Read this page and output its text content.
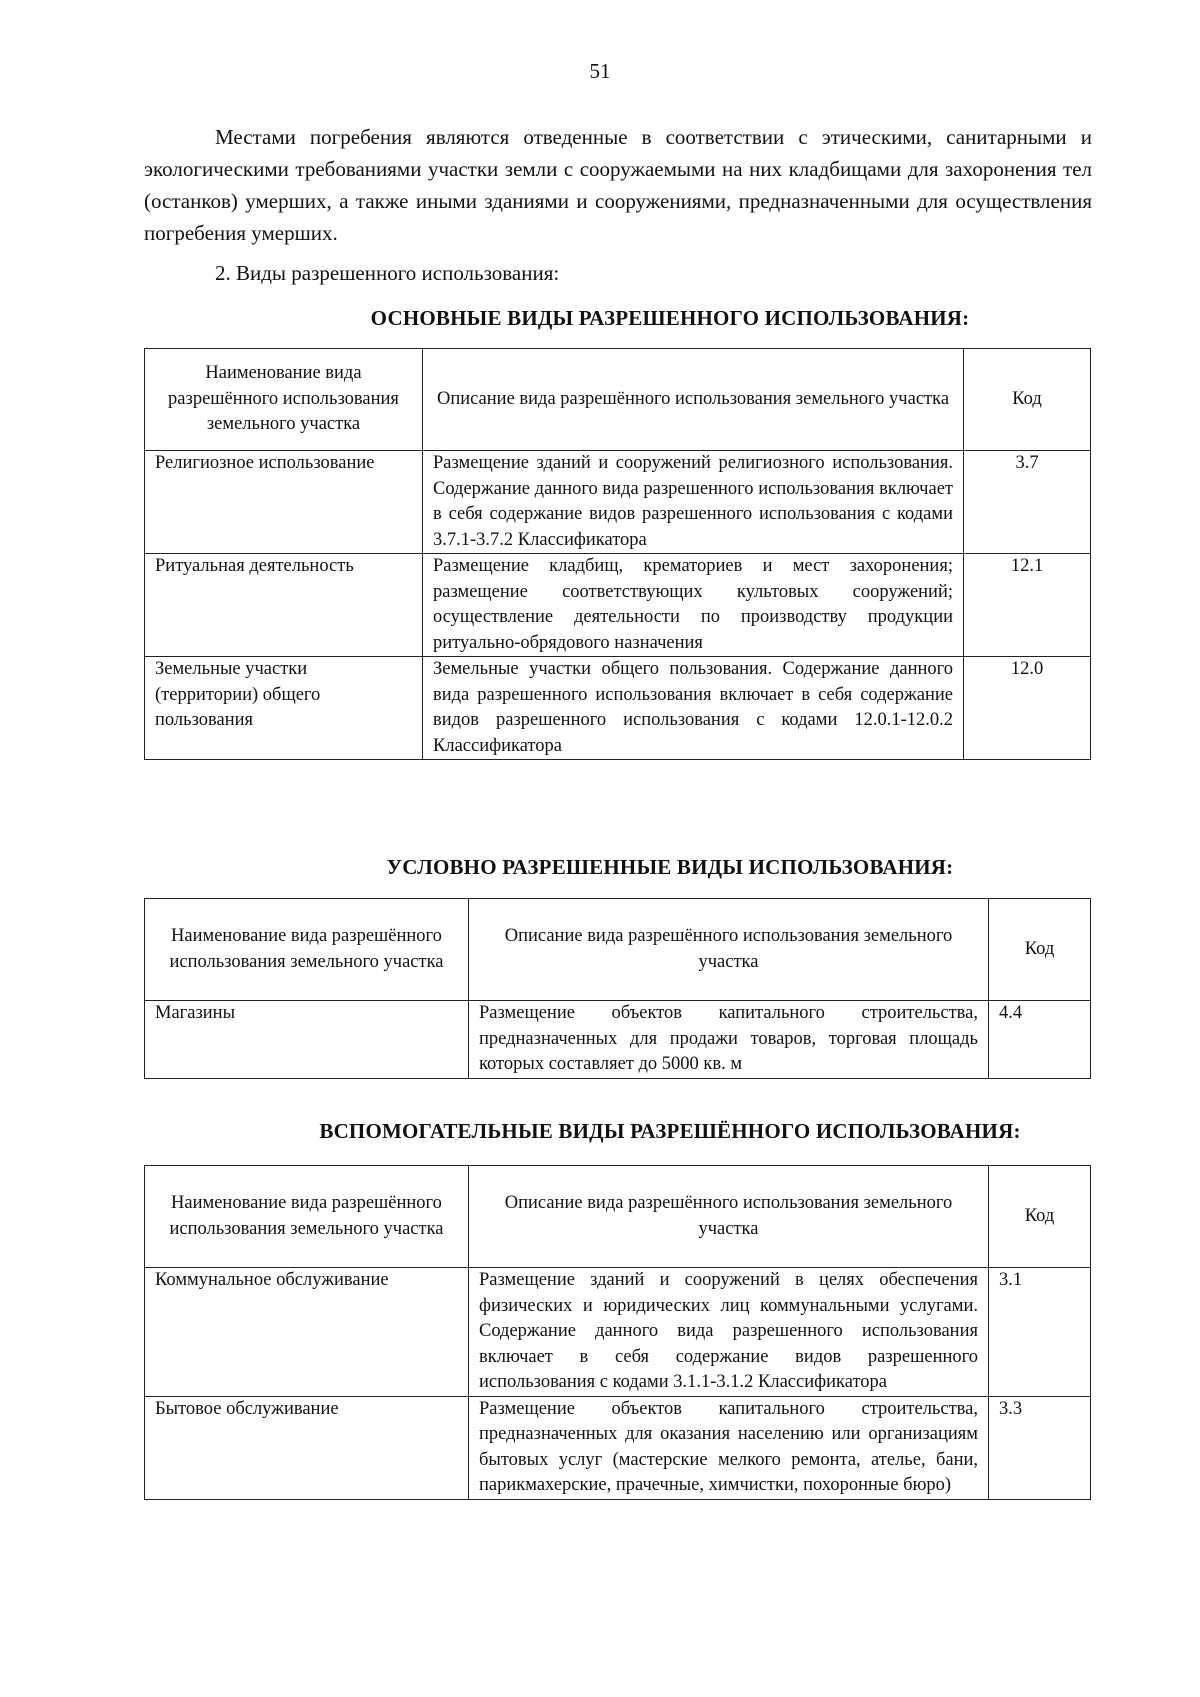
51

Местами погребения являются отведенные в соответствии с этическими, санитарными и экологическими требованиями участки земли с сооружаемыми на них кладбищами для захоронения тел (останков) умерших, а также иными зданиями и сооружениями, предназначенными для осуществления погребения умерших.

2. Виды разрешенного использования:

ОСНОВНЫЕ ВИДЫ РАЗРЕШЕННОГО ИСПОЛЬЗОВАНИЯ:
Наименование вида разрешённого использования земельного участка	Описание вида разрешённого использования земельного участка	Код
Религиозное использование	Размещение зданий и сооружений религиозного использования. Содержание данного вида разрешенного использования включает в себя содержание видов разрешенного использования с кодами 3.7.1-3.7.2 Классификатора	3.7
Ритуальная деятельность	Размещение кладбищ, крематориев и мест захоронения; размещение соответствующих культовых сооружений; осуществление деятельности по производству продукции ритуально-обрядового назначения	12.1
Земельные участки (территории) общего пользования	Земельные участки общего пользования. Содержание данного вида разрешенного использования включает в себя содержание видов разрешенного использования с кодами 12.0.1-12.0.2 Классификатора	12.0
УСЛОВНО РАЗРЕШЕННЫЕ ВИДЫ ИСПОЛЬЗОВАНИЯ:
Наименование вида разрешённого использования земельного участка	Описание вида разрешённого использования земельного участка	Код
Магазины	Размещение объектов капитального строительства, предназначенных для продажи товаров, торговая площадь которых составляет до 5000 кв. м	4.4
ВСПОМОГАТЕЛЬНЫЕ ВИДЫ РАЗРЕШЁННОГО ИСПОЛЬЗОВАНИЯ:
Наименование вида разрешённого использования земельного участка	Описание вида разрешённого использования земельного участка	Код
Коммунальное обслуживание	Размещение зданий и сооружений в целях обеспечения физических и юридических лиц коммунальными услугами. Содержание данного вида разрешенного использования включает в себя содержание видов разрешенного использования с кодами 3.1.1-3.1.2 Классификатора	3.1
Бытовое обслуживание	Размещение объектов капитального строительства, предназначенных для оказания населению или организациям бытовых услуг (мастерские мелкого ремонта, ателье, бани, парикмахерские, прачечные, химчистки, похоронные бюро)	3.3
